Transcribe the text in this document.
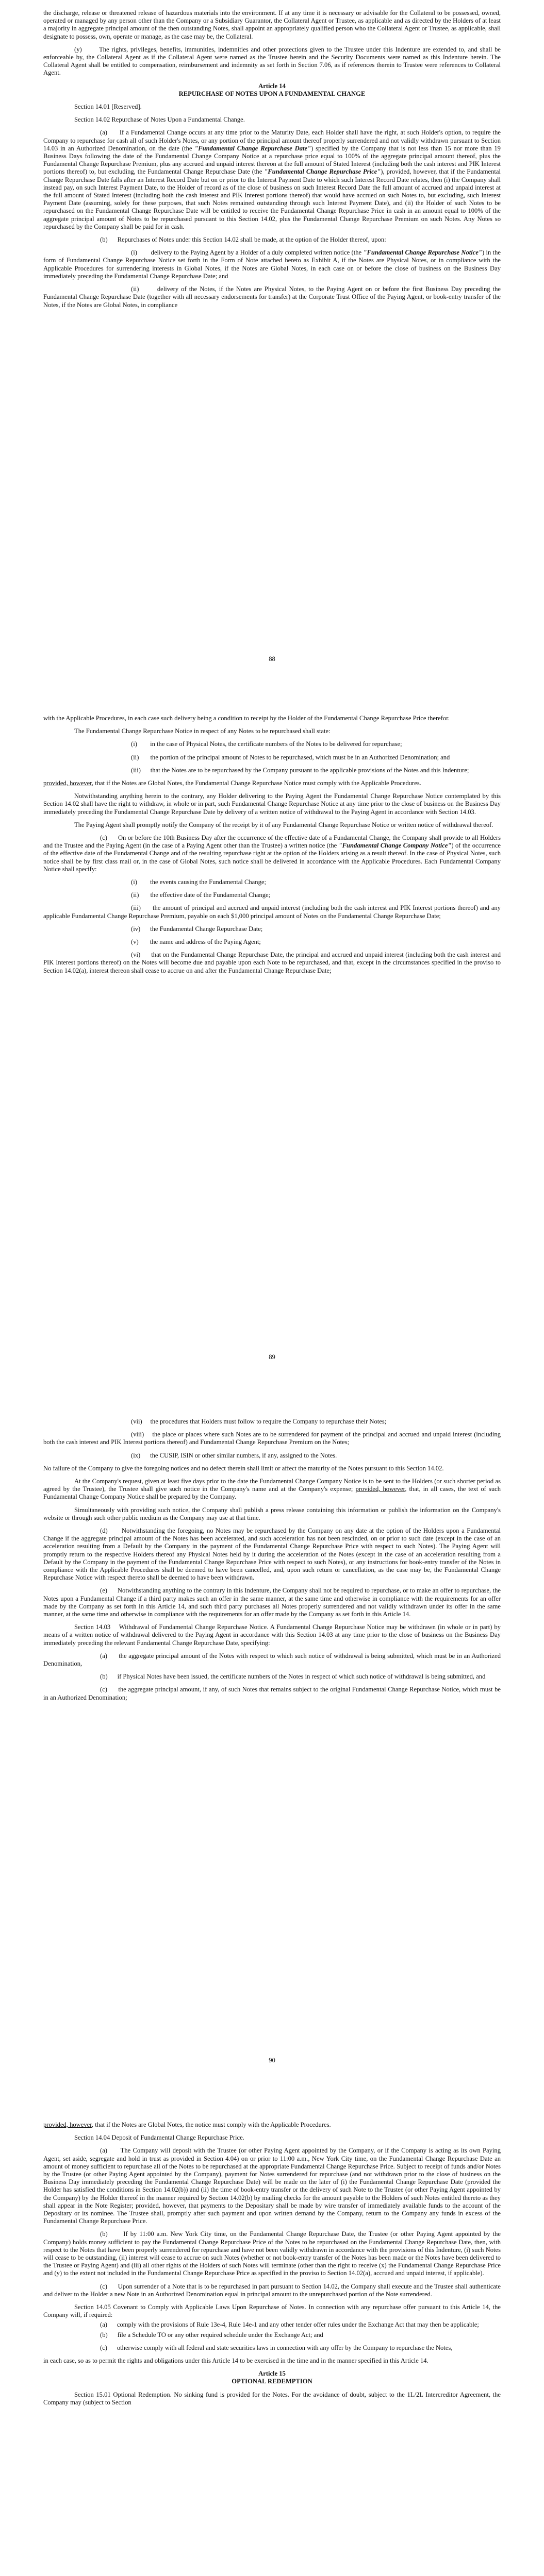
the discharge, release or threatened release of hazardous materials into the environment. If at any time it is necessary or advisable for the Collateral to be possessed, owned, operated or managed by any person other than the Company or a Subsidiary Guarantor, the Collateral Agent or Trustee, as applicable and as directed by the Holders of at least a majority in aggregate principal amount of the then outstanding Notes, shall appoint an appropriately qualified person who the Collateral Agent or Trustee, as applicable, shall designate to possess, own, operate or manage, as the case may be, the Collateral.

(y)	The rights, privileges, benefits, immunities, indemnities and other protections given to the Trustee under this Indenture are extended to, and shall be enforceable by, the Collateral Agent as if the Collateral Agent were named as the Trustee herein and the Security Documents were named as this Indenture herein. The Collateral Agent shall be entitled to compensation, reimbursement and indemnity as set forth in Section 7.06, as if references therein to Trustee were references to Collateral Agent.

Article 14

REPURCHASE OF NOTES UPON A FUNDAMENTAL CHANGE

Section 14.01 [Reserved].

Section 14.02 Repurchase of Notes Upon a Fundamental Change.

(a) If a Fundamental Change occurs at any time prior to the Maturity Date, each Holder shall have the right, at such Holder's option, to require the Company to repurchase for cash all of such Holder's Notes, or any portion of the principal amount thereof properly surrendered and not validly withdrawn pursuant to Section 14.03 in an Authorized Denomination, on the date (the "Fundamental Change Repurchase Date") specified by the Company that is not less than 15 nor more than 19 Business Days following the date of the Fundamental Change Company Notice at a repurchase price equal to 100% of the aggregate principal amount thereof, plus the Fundamental Change Repurchase Premium, plus any accrued and unpaid interest thereon at the full amount of Stated Interest (including both the cash interest and PIK Interest portions thereof) to, but excluding, the Fundamental Change Repurchase Date (the "Fundamental Change Repurchase Price"), provided, however, that if the Fundamental Change Repurchase Date falls after an Interest Record Date but on or prior to the Interest Payment Date to which such Interest Record Date relates, then (i) the Company shall instead pay, on such Interest Payment Date, to the Holder of record as of the close of business on such Interest Record Date the full amount of accrued and unpaid interest at the full amount of Stated Interest (including both the cash interest and PIK Interest portions thereof) that would have accrued on such Notes to, but excluding, such Interest Payment Date (assuming, solely for these purposes, that such Notes remained outstanding through such Interest Payment Date), and (ii) the Holder of such Notes to be repurchased on the Fundamental Change Repurchase Date will be entitled to receive the Fundamental Change Repurchase Price in cash in an amount equal to 100% of the aggregate principal amount of Notes to be repurchased pursuant to this Section 14.02, plus the Fundamental Change Repurchase Premium on such Notes. Any Notes so repurchased by the Company shall be paid for in cash.

(b) Repurchases of Notes under this Section 14.02 shall be made, at the option of the Holder thereof, upon:

(i) delivery to the Paying Agent by a Holder of a duly completed written notice (the "Fundamental Change Repurchase Notice") in the form of Fundamental Change Repurchase Notice set forth in the Form of Note attached hereto as Exhibit A, if the Notes are Physical Notes, or in compliance with the Applicable Procedures for surrendering interests in Global Notes, if the Notes are Global Notes, in each case on or before the close of business on the Business Day immediately preceding the Fundamental Change Repurchase Date; and

(ii)	delivery of the Notes, if the Notes are Physical Notes, to the Paying Agent on or before the first Business Day preceding the Fundamental Change Repurchase Date (together with all necessary endorsements for transfer) at the Corporate Trust Office of the Paying Agent, or book-entry transfer of the Notes, if the Notes are Global Notes, in compliance

88

with the Applicable Procedures, in each case such delivery being a condition to receipt by the Holder of the Fundamental Change Repurchase Price therefor.

The Fundamental Change Repurchase Notice in respect of any Notes to be repurchased shall state:

(i) in the case of Physical Notes, the certificate numbers of the Notes to be delivered for repurchase;

(ii) the portion of the principal amount of Notes to be repurchased, which must be in an Authorized Denomination; and

(iii) that the Notes are to be repurchased by the Company pursuant to the applicable provisions of the Notes and this Indenture;

provided, however, that if the Notes are Global Notes, the Fundamental Change Repurchase Notice must comply with the Applicable Procedures.

Notwithstanding anything herein to the contrary, any Holder delivering to the Paying Agent the Fundamental Change Repurchase Notice contemplated by this Section 14.02 shall have the right to withdraw, in whole or in part, such Fundamental Change Repurchase Notice at any time prior to the close of business on the Business Day immediately preceding the Fundamental Change Repurchase Date by delivery of a written notice of withdrawal to the Paying Agent in accordance with Section 14.03.

The Paying Agent shall promptly notify the Company of the receipt by it of any Fundamental Change Repurchase Notice or written notice of withdrawal thereof.

(c) On or before the 10th Business Day after the occurrence of the effective date of a Fundamental Change, the Company shall provide to all Holders and the Trustee and the Paying Agent (in the case of a Paying Agent other than the Trustee) a written notice (the "Fundamental Change Company Notice") of the occurrence of the effective date of the Fundamental Change and of the resulting repurchase right at the option of the Holders arising as a result thereof. In the case of Physical Notes, such notice shall be by first class mail or, in the case of Global Notes, such notice shall be delivered in accordance with the Applicable Procedures. Each Fundamental Company Notice shall specify:

(i) the events causing the Fundamental Change;

(ii) the effective date of the Fundamental Change;

(iii) the amount of principal and accrued and unpaid interest (including both the cash interest and PIK Interest portions thereof) and any applicable Fundamental Change Repurchase Premium, payable on each $1,000 principal amount of Notes on the Fundamental Change Repurchase Date;

(iv) the Fundamental Change Repurchase Date;

(v) the name and address of the Paying Agent;

(vi) that on the Fundamental Change Repurchase Date, the principal and accrued and unpaid interest (including both the cash interest and PIK Interest portions thereof) on the Notes will become due and payable upon each Note to be repurchased, and that, except in the circumstances specified in the proviso to Section 14.02(a), interest thereon shall cease to accrue on and after the Fundamental Change Repurchase Date;

89

(vii) the procedures that Holders must follow to require the Company to repurchase their Notes;

(viii) the place or places where such Notes are to be surrendered for payment of the principal and accrued and unpaid interest (including both the cash interest and PIK Interest portions thereof) and Fundamental Change Repurchase Premium on the Notes;

(ix) the CUSIP, ISIN or other similar numbers, if any, assigned to the Notes.

No failure of the Company to give the foregoing notices and no defect therein shall limit or affect the maturity of the Notes pursuant to this Section 14.02.

At the Company's request, given at least five days prior to the date the Fundamental Change Company Notice is to be sent to the Holders (or such shorter period as agreed by the Trustee), the Trustee shall give such notice in the Company's name and at the Company's expense; provided, however, that, in all cases, the text of such Fundamental Change Company Notice shall be prepared by the Company.

Simultaneously with providing such notice, the Company shall publish a press release containing this information or publish the information on the Company's website or through such other public medium as the Company may use at that time.

(d) Notwithstanding the foregoing, no Notes may be repurchased by the Company on any date at the option of the Holders upon a Fundamental Change if the aggregate principal amount of the Notes has been accelerated, and such acceleration has not been rescinded, on or prior to such date (except in the case of an acceleration resulting from a Default by the Company in the payment of the Fundamental Change Repurchase Price with respect to such Notes). The Paying Agent will promptly return to the respective Holders thereof any Physical Notes held by it during the acceleration of the Notes (except in the case of an acceleration resulting from a Default by the Company in the payment of the Fundamental Change Repurchase Price with respect to such Notes), or any instructions for book-entry transfer of the Notes in compliance with the Applicable Procedures shall be deemed to have been cancelled, and, upon such return or cancellation, as the case may be, the Fundamental Change Repurchase Notice with respect thereto shall be deemed to have been withdrawn.

(e) Notwithstanding anything to the contrary in this Indenture, the Company shall not be required to repurchase, or to make an offer to repurchase, the Notes upon a Fundamental Change if a third party makes such an offer in the same manner, at the same time and otherwise in compliance with the requirements for an offer made by the Company as set forth in this Article 14, and such third party purchases all Notes properly surrendered and not validly withdrawn under its offer in the same manner, at the same time and otherwise in compliance with the requirements for an offer made by the Company as set forth in this Article 14.

Section 14.03 Withdrawal of Fundamental Change Repurchase Notice. A Fundamental Change Repurchase Notice may be withdrawn (in whole or in part) by means of a written notice of withdrawal delivered to the Paying Agent in accordance with this Section 14.03 at any time prior to the close of business on the Business Day immediately preceding the relevant Fundamental Change Repurchase Date, specifying:

(a) the aggregate principal amount of the Notes with respect to which such notice of withdrawal is being submitted, which must be in an Authorized Denomination,

(b) if Physical Notes have been issued, the certificate numbers of the Notes in respect of which such notice of withdrawal is being submitted, and

(c) the aggregate principal amount, if any, of such Notes that remains subject to the original Fundamental Change Repurchase Notice, which must be in an Authorized Denomination;

90

provided, however, that if the Notes are Global Notes, the notice must comply with the Applicable Procedures.

Section 14.04 Deposit of Fundamental Change Repurchase Price.

(a) The Company will deposit with the Trustee (or other Paying Agent appointed by the Company, or if the Company is acting as its own Paying Agent, set aside, segregate and hold in trust as provided in Section 4.04) on or prior to 11:00 a.m., New York City time, on the Fundamental Change Repurchase Date an amount of money sufficient to repurchase all of the Notes to be repurchased at the appropriate Fundamental Change Repurchase Price. Subject to receipt of funds and/or Notes by the Trustee (or other Paying Agent appointed by the Company), payment for Notes surrendered for repurchase (and not withdrawn prior to the close of business on the Business Day immediately preceding the Fundamental Change Repurchase Date) will be made on the later of (i) the Fundamental Change Repurchase Date (provided the Holder has satisfied the conditions in Section 14.02(b)) and (ii) the time of book-entry transfer or the delivery of such Note to the Trustee (or other Paying Agent appointed by the Company) by the Holder thereof in the manner required by Section 14.02(b) by mailing checks for the amount payable to the Holders of such Notes entitled thereto as they shall appear in the Note Register; provided, however, that payments to the Depositary shall be made by wire transfer of immediately available funds to the account of the Depositary or its nominee. The Trustee shall, promptly after such payment and upon written demand by the Company, return to the Company any funds in excess of the Fundamental Change Repurchase Price.

(b) If by 11:00 a.m. New York City time, on the Fundamental Change Repurchase Date, the Trustee (or other Paying Agent appointed by the Company) holds money sufficient to pay the Fundamental Change Repurchase Price of the Notes to be repurchased on the Fundamental Change Repurchase Date, then, with respect to the Notes that have been properly surrendered for repurchase and have not been validly withdrawn in accordance with the provisions of this Indenture, (i) such Notes will cease to be outstanding, (ii) interest will cease to accrue on such Notes (whether or not book-entry transfer of the Notes has been made or the Notes have been delivered to the Trustee or Paying Agent) and (iii) all other rights of the Holders of such Notes will terminate (other than the right to receive (x) the Fundamental Change Repurchase Price and (y) to the extent not included in the Fundamental Change Repurchase Price as specified in the proviso to Section 14.02(a), accrued and unpaid interest, if applicable).

(c) Upon surrender of a Note that is to be repurchased in part pursuant to Section 14.02, the Company shall execute and the Trustee shall authenticate and deliver to the Holder a new Note in an Authorized Denomination equal in principal amount to the unrepurchased portion of the Note surrendered.

Section 14.05 Covenant to Comply with Applicable Laws Upon Repurchase of Notes. In connection with any repurchase offer pursuant to this Article 14, the Company will, if required:

(a) comply with the provisions of Rule 13e-4, Rule 14e-1 and any other tender offer rules under the Exchange Act that may then be applicable;

(b) file a Schedule TO or any other required schedule under the Exchange Act; and

(c) otherwise comply with all federal and state securities laws in connection with any offer by the Company to repurchase the Notes,

in each case, so as to permit the rights and obligations under this Article 14 to be exercised in the time and in the manner specified in this Article 14.

Article 15

OPTIONAL REDEMPTION

Section 15.01 Optional Redemption. No sinking fund is provided for the Notes. For the avoidance of doubt, subject to the 1L/2L Intercreditor Agreement, the Company may (subject to Section
